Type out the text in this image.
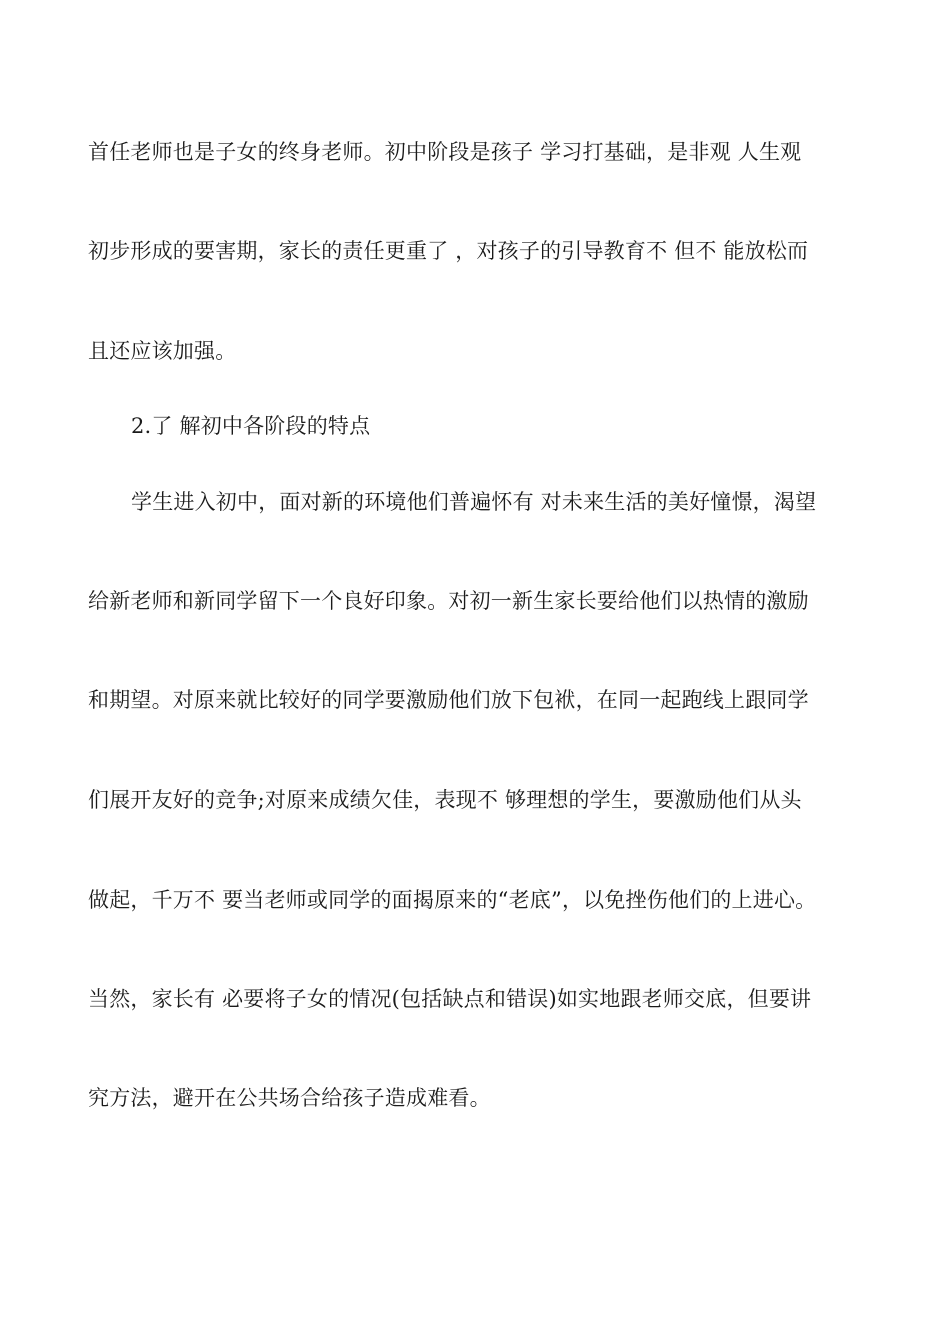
首任老师也是子女的终身老师。初中阶段是孩子 学习打基础，是非观 人生观
初步形成的要害期，家长的责任更重了 ，对孩子的引导教育不 但不 能放松而
且还应该加强。
2.了 解初中各阶段的特点
学生进入初中，面对新的环境他们普遍怀有 对未来生活的美好憧憬，渴望
给新老师和新同学留下一个良好印象。对初一新生家长要给他们以热情的激励
和期望。对原来就比较好的同学要激励他们放下包袱，在同一起跑线上跟同学
们展开友好的竞争;对原来成绩欠佳，表现不 够理想的学生，要激励他们从头
做起，千万不 要当老师或同学的面揭原来的“老底”，以免挫伤他们的上进心。
当然，家长有 必要将子女的情况(包括缺点和错误)如实地跟老师交底，但要讲
究方法，避开在公共场合给孩子造成难看。
